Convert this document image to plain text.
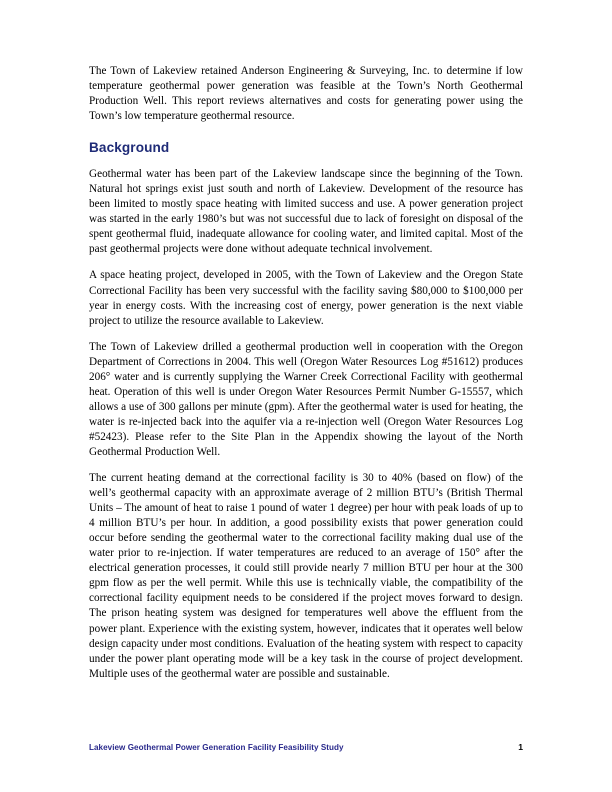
The Town of Lakeview retained Anderson Engineering & Surveying, Inc. to determine if low temperature geothermal power generation was feasible at the Town’s North Geothermal Production Well. This report reviews alternatives and costs for generating power using the Town’s low temperature geothermal resource.

Background

Geothermal water has been part of the Lakeview landscape since the beginning of the Town. Natural hot springs exist just south and north of Lakeview. Development of the resource has been limited to mostly space heating with limited success and use. A power generation project was started in the early 1980’s but was not successful due to lack of foresight on disposal of the spent geothermal fluid, inadequate allowance for cooling water, and limited capital. Most of the past geothermal projects were done without adequate technical involvement.

A space heating project, developed in 2005, with the Town of Lakeview and the Oregon State Correctional Facility has been very successful with the facility saving $80,000 to $100,000 per year in energy costs. With the increasing cost of energy, power generation is the next viable project to utilize the resource available to Lakeview.

The Town of Lakeview drilled a geothermal production well in cooperation with the Oregon Department of Corrections in 2004. This well (Oregon Water Resources Log #51612) produces 206° water and is currently supplying the Warner Creek Correctional Facility with geothermal heat. Operation of this well is under Oregon Water Resources Permit Number G-15557, which allows a use of 300 gallons per minute (gpm). After the geothermal water is used for heating, the water is re-injected back into the aquifer via a re-injection well (Oregon Water Resources Log #52423). Please refer to the Site Plan in the Appendix showing the layout of the North Geothermal Production Well.

The current heating demand at the correctional facility is 30 to 40% (based on flow) of the well’s geothermal capacity with an approximate average of 2 million BTU’s (British Thermal Units – The amount of heat to raise 1 pound of water 1 degree) per hour with peak loads of up to 4 million BTU’s per hour. In addition, a good possibility exists that power generation could occur before sending the geothermal water to the correctional facility making dual use of the water prior to re-injection. If water temperatures are reduced to an average of 150° after the electrical generation processes, it could still provide nearly 7 million BTU per hour at the 300 gpm flow as per the well permit. While this use is technically viable, the compatibility of the correctional facility equipment needs to be considered if the project moves forward to design. The prison heating system was designed for temperatures well above the effluent from the power plant. Experience with the existing system, however, indicates that it operates well below design capacity under most conditions. Evaluation of the heating system with respect to capacity under the power plant operating mode will be a key task in the course of project development. Multiple uses of the geothermal water are possible and sustainable.

Lakeview Geothermal Power Generation Facility Feasibility Study	1
